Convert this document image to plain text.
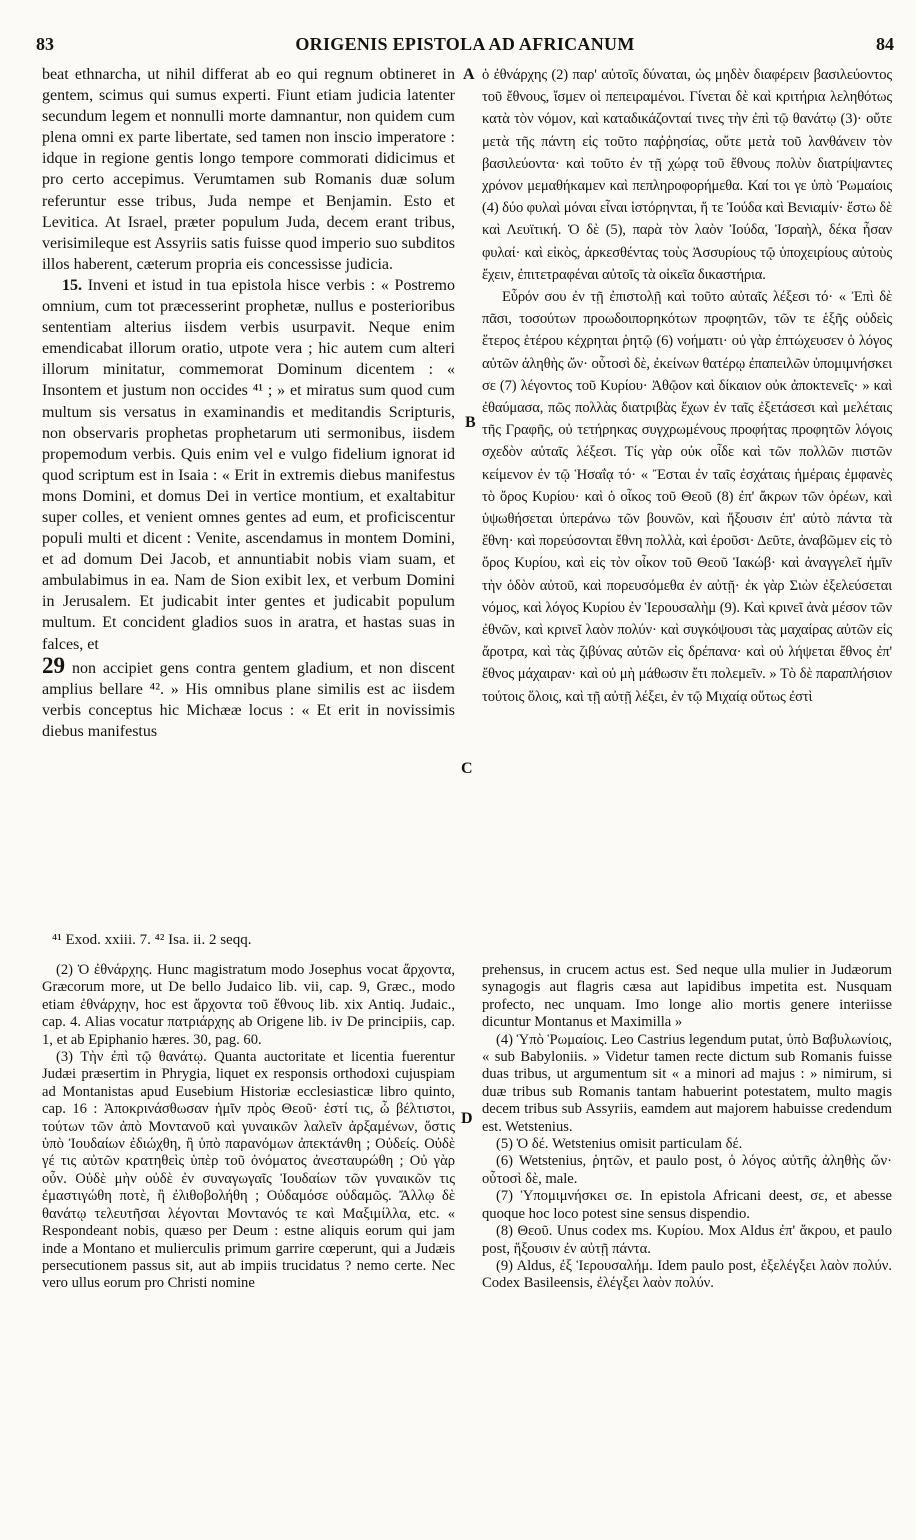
83	ORIGENIS EPISTOLA AD AFRICANUM	84

beat ethnarcha, ut nihil differat ab eo qui regnum obtineret in gentem, scimus qui sumus experti. Fiunt etiam judicia latenter secundum legem et nonnulli morte damnantur, non quidem cum plena omni ex parte libertate, sed tamen non inscio imperatore : idque in regione gentis longo tempore commorati didicimus et pro certo accepimus. Verumtamen sub Romanis duæ solum referuntur esse tribus, Juda nempe et Benjamin. Esto et Levitica. At Israel, præter populum Juda, decem erant tribus, verisimileque est Assyriis satis fuisse quod imperio suo subditos illos haberent, cæterum propria eis concessisse judicia.

15. Inveni et istud in tua epistola hisce verbis : « Postremo omnium, cum tot præcesserint prophetæ, nullus e posterioribus sententiam alterius iisdem verbis usurpavit. Neque enim emendicabat illorum oratio, utpote vera ; hic autem cum alteri illorum minitatur, commemorat Dominum dicentem : « Insontem et justum non occides ⁴¹ ; » et miratus sum quod cum multum sis versatus in examinandis et meditandis Scripturis, non observaris prophetas prophetarum uti sermonibus, iisdem propemodum verbis. Quis enim vel e vulgo fidelium ignorat id quod scriptum est in Isaia : « Erit in extremis diebus manifestus mons Domini, et domus Dei in vertice montium, et exaltabitur super colles, et venient omnes gentes ad eum, et proficiscentur populi multi et dicent : Venite, ascendamus in montem Domini, et ad domum Dei Jacob, et annuntiabit nobis viam suam, et ambulabimus in ea. Nam de Sion exibit lex, et verbum Domini in Jerusalem. Et judicabit inter gentes et judicabit populum multum. Et concident gladios suos in aratra, et hastas suas in falces, et
29 non accipiet gens contra gentem gladium, et non discent amplius bellare ⁴². » His omnibus plane similis est ac iisdem verbis conceptus hic Michææ locus : « Et erit in novissimis diebus manifestus

ὁ ἐθνάρχης (2) παρ' αὐτοῖς δύναται, ὡς μηδὲν διαφέρειν βασιλεύοντος τοῦ ἔθνους, ἴσμεν οἱ πεπειραμένοι. Γίνεται δὲ καὶ κριτήρια λεληθότως κατὰ τὸν νόμον, καὶ καταδικάζονταί τινες τὴν ἐπὶ τῷ θανάτῳ (3)· οὔτε μετὰ τῆς πάντη εἰς τοῦτο παῤῥησίας, οὔτε μετὰ τοῦ λανθάνειν τὸν βασιλεύοντα· καὶ τοῦτο ἐν τῇ χώρᾳ τοῦ ἔθνους πολὺν διατρίψαντες χρόνον μεμαθήκαμεν καὶ πεπληροφορήμεθα. Καί τοι γε ὑπὸ Ῥωμαίοις (4) δύο φυλαὶ μόναι εἶναι ἱστόρηνται, ἥ τε Ἰούδα καὶ Βενιαμίν· ἔστω δὲ καὶ Λευϊτική. Ὁ δὲ (5), παρὰ τὸν λαὸν Ἰούδα, Ἰσραὴλ, δέκα ἦσαν φυλαί· καὶ εἰκὸς, ἀρκεσθέντας τοὺς Ἀσσυρίους τῷ ὑποχειρίους αὐτοὺς ἔχειν, ἐπιτετραφέναι αὐτοῖς τὰ οἰκεῖα δικαστήρια.

Εὗρόν σου ἐν τῇ ἐπιστολῇ καὶ τοῦτο αὐταῖς λέξεσι τό· « Ἐπὶ δὲ πᾶσι, τοσούτων προωδοιπορηκότων προφητῶν, τῶν τε ἑξῆς οὐδεὶς ἕτερος ἑτέρου κέχρηται ῥητῷ (6) νοήματι· οὐ γὰρ ἐπτώχευσεν ὁ λόγος αὐτῶν ἀληθὴς ὤν· οὗτοσὶ δὲ, ἐκείνων θατέρῳ ἐπαπειλῶν ὑπομιμνήσκει σε (7) λέγοντος τοῦ Κυρίου· Ἀθῷον καὶ δίκαιον οὐκ ἀποκτενεῖς· » καὶ ἐθαύμασα, πῶς πολλὰς διατριβὰς ἔχων ἐν ταῖς ἐξετάσεσι καὶ μελέταις τῆς Γραφῆς, οὐ τετήρηκας συγχρωμένους προφήτας προφητῶν λόγοις σχεδὸν αὐταῖς λέξεσι. Τίς γὰρ οὐκ οἶδε καὶ τῶν πολλῶν πιστῶν κείμενον ἐν τῷ Ἡσαΐᾳ τό· « Ἔσται ἐν ταῖς ἐσχάταις ἡμέραις ἐμφανὲς τὸ ὄρος Κυρίου· καὶ ὁ οἶκος τοῦ Θεοῦ (8) ἐπ' ἄκρων τῶν ὀρέων, καὶ ὑψωθήσεται ὑπεράνω τῶν βουνῶν, καὶ ἥξουσιν ἐπ' αὐτὸ πάντα τὰ ἔθνη· καὶ πορεύσονται ἔθνη πολλὰ, καὶ ἐροῦσι· Δεῦτε, ἀναβῶμεν εἰς τὸ ὄρος Κυρίου, καὶ εἰς τὸν οἶκον τοῦ Θεοῦ Ἰακώβ· καὶ ἀναγγελεῖ ἡμῖν τὴν ὁδὸν αὐτοῦ, καὶ πορευσόμεθα ἐν αὐτῇ· ἐκ γὰρ Σιὼν ἐξελεύσεται νόμος, καὶ λόγος Κυρίου ἐν Ἱερουσαλὴμ (9). Καὶ κρινεῖ ἀνὰ μέσον τῶν ἐθνῶν, καὶ κρινεῖ λαὸν πολύν· καὶ συγκόψουσι τὰς μαχαίρας αὐτῶν εἰς ἄροτρα, καὶ τὰς ζιβύνας αὐτῶν εἰς δρέπανα· καὶ οὐ λήψεται ἔθνος ἐπ' ἔθνος μάχαιραν· καὶ οὐ μὴ μάθωσιν ἔτι πολεμεῖν. » Τὸ δὲ παραπλήσιον τούτοις ὅλοις, καὶ τῇ αὐτῇ λέξει, ἐν τῷ Μιχαίᾳ οὕτως ἐστὶ

A
B
C
D
⁴¹ Exod. xxiii. 7. ⁴² Isa. ii. 2 seqq.

(2) Ὁ ἐθνάρχης. Hunc magistratum modo Josephus vocat ἄρχοντα, Græcorum more, ut De bello Judaico lib. vii, cap. 9, Græc., modo etiam ἐθνάρχην, hoc est ἄρχοντα τοῦ ἔθνους lib. xix Antiq. Judaic., cap. 4. Alias vocatur πατριάρχης ab Origene lib. iv De principiis, cap. 1, et ab Epiphanio hæres. 30, pag. 60.

(3) Τὴν ἐπὶ τῷ θανάτῳ. Quanta auctoritate et licentia fuerentur Judæi præsertim in Phrygia, liquet ex responsis orthodoxi cujuspiam ad Montanistas apud Eusebium Historiæ ecclesiasticæ libro quinto, cap. 16 : Ἀποκρινάσθωσαν ἡμῖν πρὸς Θεοῦ· ἐστί τις, ὦ βέλτιστοι, τούτων τῶν ἀπὸ Μοντανοῦ καὶ γυναικῶν λαλεῖν ἀρξαμένων, ὅστις ὑπὸ Ἰουδαίων ἐδιώχθη, ἢ ὑπὸ παρανόμων ἀπεκτάνθη ; Οὐδείς. Οὐδὲ γέ τις αὐτῶν κρατηθεὶς ὑπὲρ τοῦ ὀνόματος ἀνεσταυρώθη ; Οὐ γὰρ οὖν. Οὐδὲ μὴν οὐδὲ ἐν συναγωγαῖς Ἰουδαίων τῶν γυναικῶν τις ἐμαστιγώθη ποτὲ, ἢ ἐλιθοβολήθη ; Οὐδαμόσε οὐδαμῶς. Ἄλλῳ δὲ θανάτῳ τελευτῆσαι λέγονται Μοντανός τε καὶ Μαξιμίλλα, etc. « Respondeant nobis, quæso per Deum : estne aliquis eorum qui jam inde a Montano et mulierculis primum garrire cœperunt, qui a Judæis persecutionem passus sit, aut ab impiis trucidatus ? nemo certe. Nec vero ullus eorum pro Christi nomine

prehensus, in crucem actus est. Sed neque ulla mulier in Judæorum synagogis aut flagris cæsa aut lapidibus impetita est. Nusquam profecto, nec unquam. Imo longe alio mortis genere interiisse dicuntur Montanus et Maximilla »

(4) Ὑπὸ Ῥωμαίοις. Leo Castrius legendum putat, ὑπὸ Βαβυλωνίοις, « sub Babyloniis. » Videtur tamen recte dictum sub Romanis fuisse duas tribus, ut argumentum sit « a minori ad majus : » nimirum, si duæ tribus sub Romanis tantam habuerint potestatem, multo magis decem tribus sub Assyriis, eamdem aut majorem habuisse credendum est. Wetstenius.

(5) Ὁ δέ. Wetstenius omisit particulam δέ.

(6) Wetstenius, ῥητῶν, et paulo post, ὁ λόγος αὐτῆς ἀληθὴς ὤν· οὗτοσὶ δὲ, male.

(7) Ὑπομιμνήσκει σε. In epistola Africani deest, σε, et abesse quoque hoc loco potest sine sensus dispendio.

(8) Θεοῦ. Unus codex ms. Κυρίου. Mox Aldus ἐπ' ἄκρου, et paulo post, ἥξουσιν ἐν αὐτῇ πάντα.

(9) Aldus, ἐξ Ἱερουσαλήμ. Idem paulo post, ἐξελέγξει λαὸν πολύν. Codex Basileensis, ἐλέγξει λαὸν πολύν.
